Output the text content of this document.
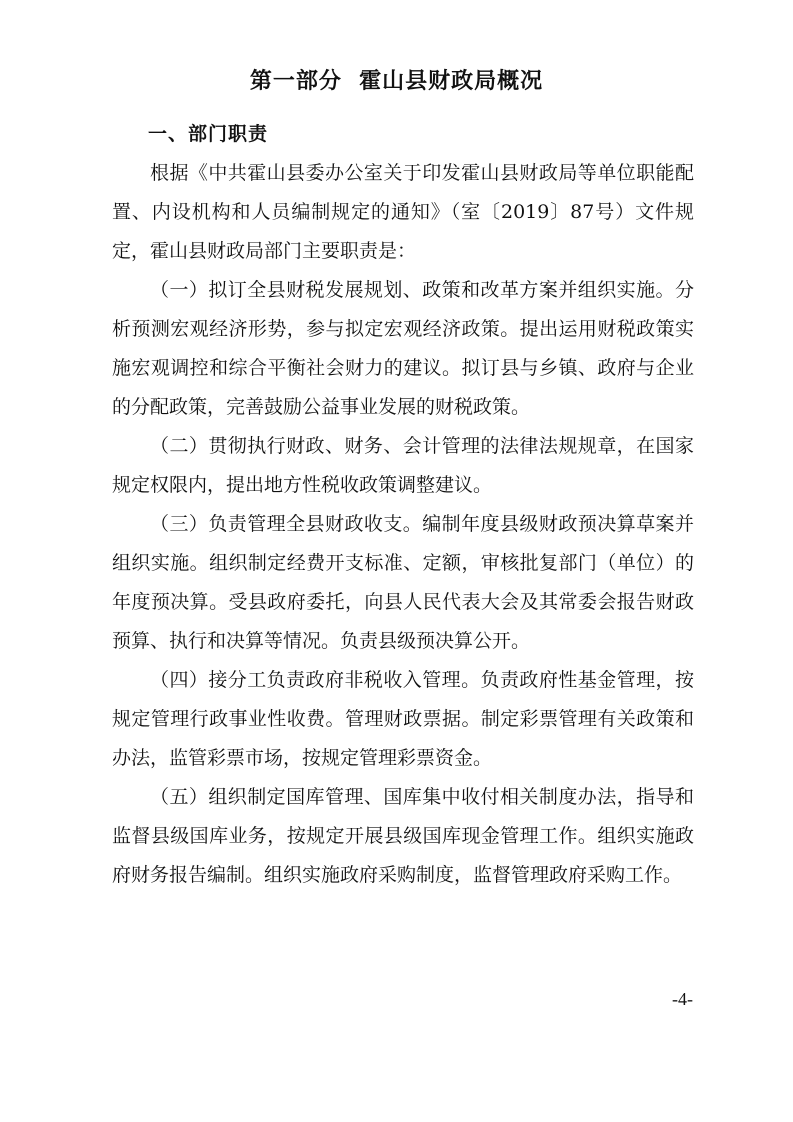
第一部分  霍山县财政局概况
一、部门职责

根据《中共霍山县委办公室关于印发霍山县财政局等单位职能配置、内设机构和人员编制规定的通知》（室〔2019〕87号）文件规定，霍山县财政局部门主要职责是：

（一）拟订全县财税发展规划、政策和改革方案并组织实施。分析预测宏观经济形势，参与拟定宏观经济政策。提出运用财税政策实施宏观调控和综合平衡社会财力的建议。拟订县与乡镇、政府与企业的分配政策，完善鼓励公益事业发展的财税政策。

（二）贯彻执行财政、财务、会计管理的法律法规规章，在国家规定权限内，提出地方性税收政策调整建议。

（三）负责管理全县财政收支。编制年度县级财政预决算草案并组织实施。组织制定经费开支标准、定额，审核批复部门（单位）的年度预决算。受县政府委托，向县人民代表大会及其常委会报告财政预算、执行和决算等情况。负责县级预决算公开。

（四）接分工负责政府非税收入管理。负责政府性基金管理，按规定管理行政事业性收费。管理财政票据。制定彩票管理有关政策和办法，监管彩票市场，按规定管理彩票资金。

（五）组织制定国库管理、国库集中收付相关制度办法，指导和监督县级国库业务，按规定开展县级国库现金管理工作。组织实施政府财务报告编制。组织实施政府采购制度，监督管理政府采购工作。

-4-
